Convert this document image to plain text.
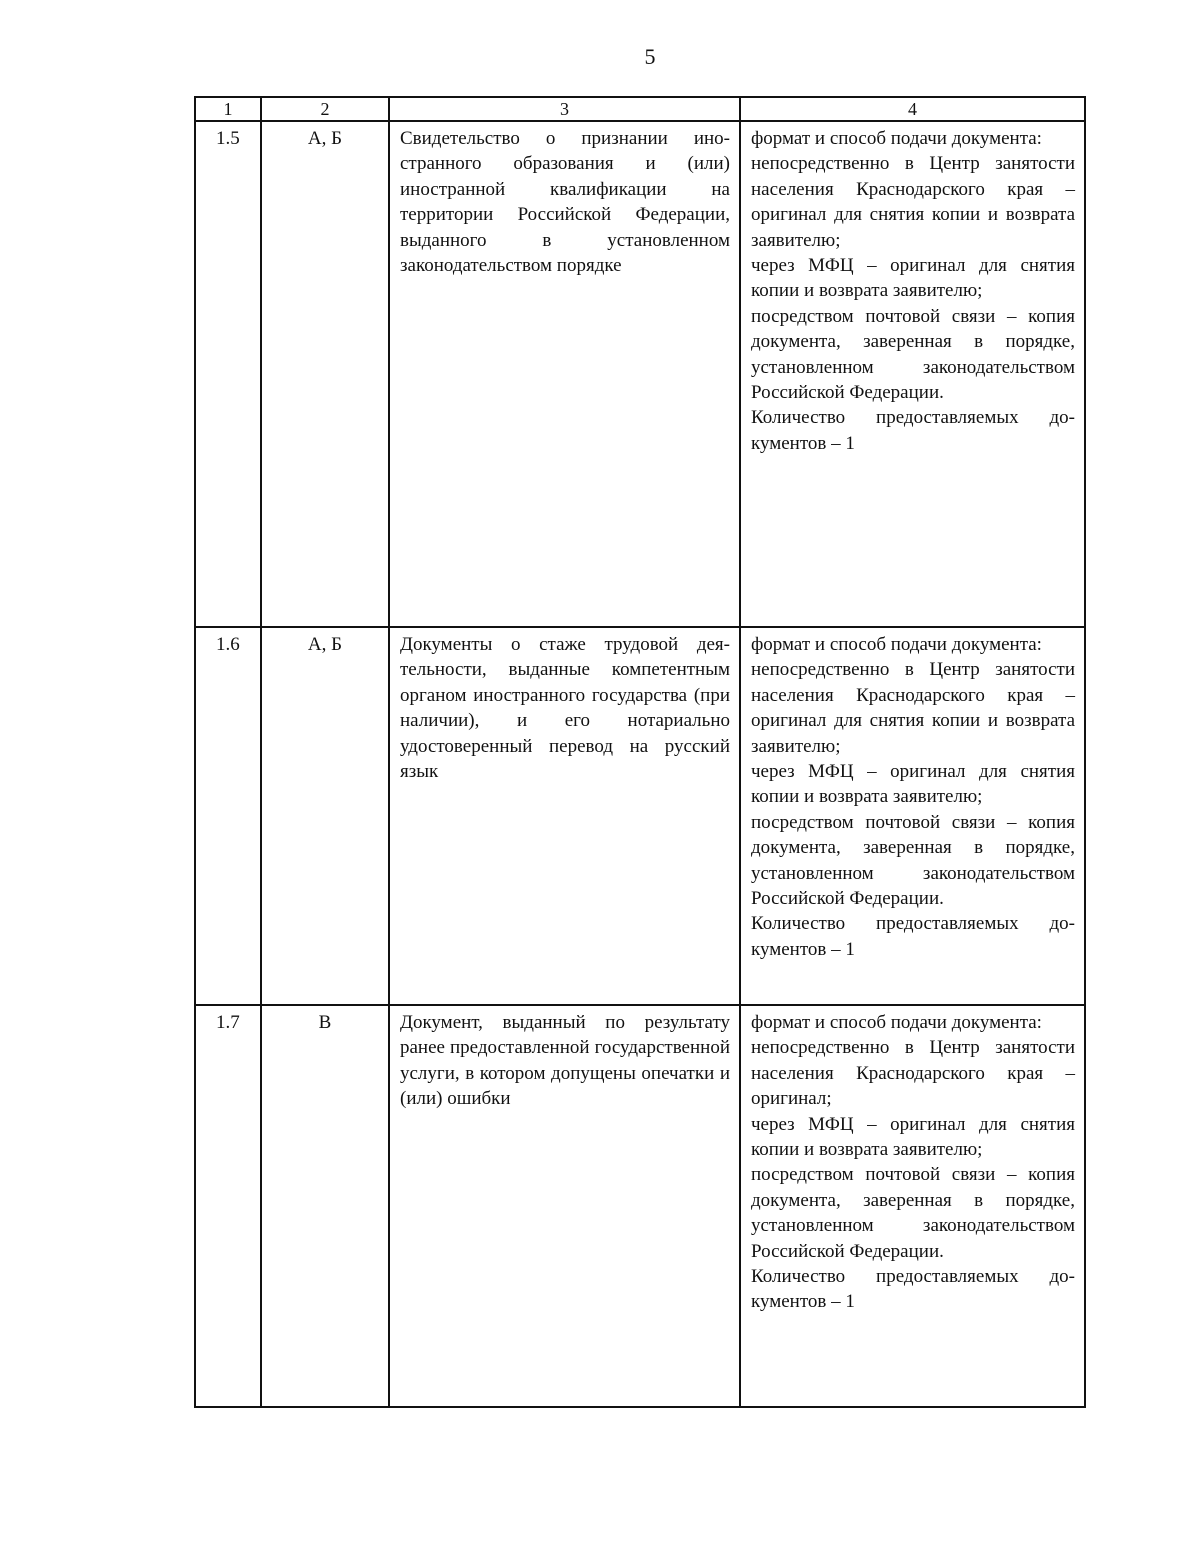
5
1	2	3	4
1.5	А, Б	Свидетельство о признании иностранного образования и (или) иностранной квалификации на территории Российской Федерации, выданного в установленном законодательством порядке	формат и способ подачи документа:
непосредственно в Центр занятости населения Краснодарского края – оригинал для снятия копии и возврата заявителю;
через МФЦ – оригинал для снятия копии и возврата заявителю;
посредством почтовой связи – копия документа, заверенная в порядке, установленном законодательством Российской Федерации.
Количество предоставляемых документов – 1

1.6	А, Б	Документы о стаже трудовой деятельности, выданные компетентным органом иностранного государства (при наличии), и его нотариально удостоверенный перевод на русский язык	формат и способ подачи документа:
непосредственно в Центр занятости населения Краснодарского края – оригинал для снятия копии и возврата заявителю;
через МФЦ – оригинал для снятия копии и возврата заявителю;
посредством почтовой связи – копия документа, заверенная в порядке, установленном законодательством Российской Федерации.
Количество предоставляемых документов – 1

1.7	В	Документ, выданный по результату ранее предоставленной государственной услуги, в котором допущены опечатки и (или) ошибки	формат и способ подачи документа:
непосредственно в Центр занятости населения Краснодарского края – оригинал;
через МФЦ – оригинал для снятия копии и возврата заявителю;
посредством почтовой связи – копия документа, заверенная в порядке, установленном законодательством Российской Федерации.
Количество предоставляемых документов – 1
